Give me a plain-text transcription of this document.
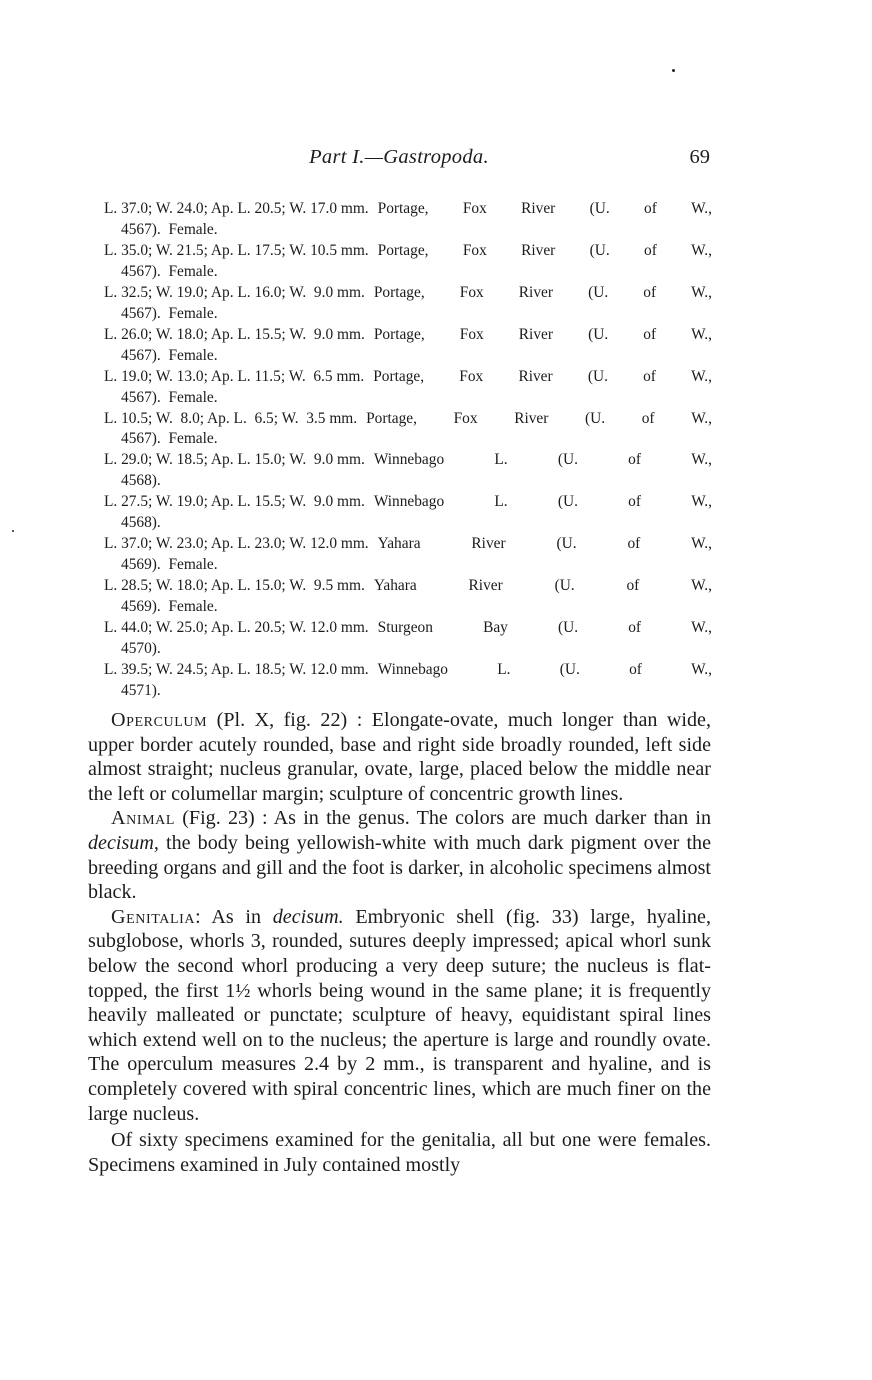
Part I.—Gastropoda.	69
L. 37.0; W. 24.0; Ap. L. 20.5; W. 17.0 mm. Portage, Fox River (U. of W.,
4567).  Female.
L. 35.0; W. 21.5; Ap. L. 17.5; W. 10.5 mm. Portage, Fox River (U. of W.,
4567).  Female.
L. 32.5; W. 19.0; Ap. L. 16.0; W.  9.0 mm. Portage, Fox River (U. of W.,
4567).  Female.
L. 26.0; W. 18.0; Ap. L. 15.5; W.  9.0 mm. Portage, Fox River (U. of W.,
4567).  Female.
L. 19.0; W. 13.0; Ap. L. 11.5; W.  6.5 mm. Portage, Fox River (U. of W.,
4567).  Female.
L. 10.5; W.  8.0; Ap. L.  6.5; W.  3.5 mm. Portage, Fox River (U. of W.,
4567).  Female.
L. 29.0; W. 18.5; Ap. L. 15.0; W.  9.0 mm. Winnebago	L.	(U.	of	W.,
4568).
L. 27.5; W. 19.0; Ap. L. 15.5; W.  9.0 mm. Winnebago	L.	(U.	of	W.,
4568).
L. 37.0; W. 23.0; Ap. L. 23.0; W. 12.0 mm. Yahara	River	(U.	of	W.,
4569).  Female.
L. 28.5; W. 18.0; Ap. L. 15.0; W.  9.5 mm. Yahara	River	(U.	of	W.,
4569).  Female.
L. 44.0; W. 25.0; Ap. L. 20.5; W. 12.0 mm. Sturgeon	Bay	(U.	of	W.,
4570).
L. 39.5; W. 24.5; Ap. L. 18.5; W. 12.0 mm. Winnebago	L.	(U.	of	W.,
4571).

Operculum (Pl. X, fig. 22) : Elongate-ovate, much longer than wide, upper border acutely rounded, base and right side broadly rounded, left side almost straight; nucleus granular, ovate, large, placed below the middle near the left or columellar margin; sculpture of concentric growth lines.

Animal (Fig. 23) : As in the genus. The colors are much darker than in decisum, the body being yellowish-white with much dark pigment over the breeding organs and gill and the foot is darker, in alcoholic specimens almost black.

Genitalia: As in decisum. Embryonic shell (fig. 33) large, hyaline, subglobose, whorls 3, rounded, sutures deeply impressed; apical whorl sunk below the second whorl producing a very deep suture; the nucleus is flat-topped, the first 1½ whorls being wound in the same plane; it is frequently heavily malleated or punctate; sculpture of heavy, equidistant spiral lines which extend well on to the nucleus; the aperture is large and roundly ovate. The operculum measures 2.4 by 2 mm., is transparent and hyaline, and is completely covered with spiral concentric lines, which are much finer on the large nucleus.

Of sixty specimens examined for the genitalia, all but one were females. Specimens examined in July contained mostly
